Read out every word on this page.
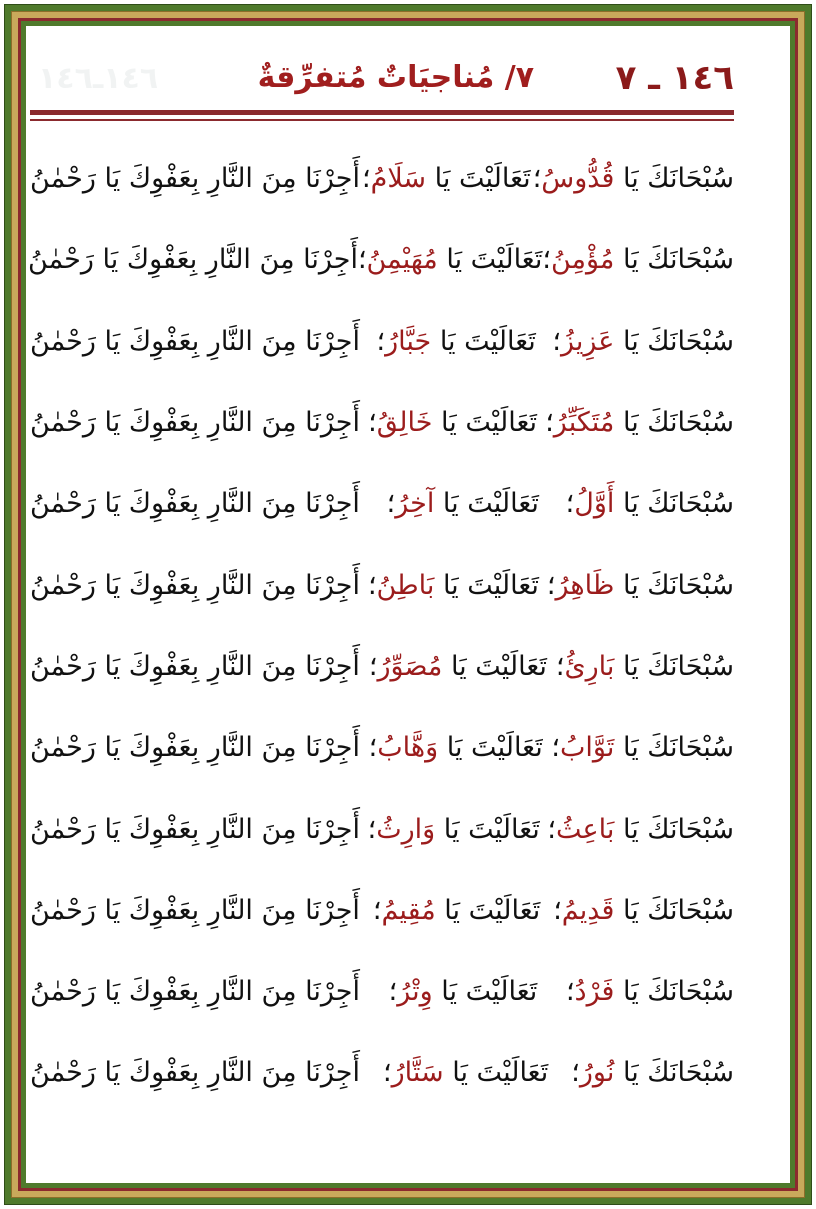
١٤٦ـ١٤٦	١٤٦ ـ ٧
٧/ مُناجيَاتٌ مُتفرِّقةٌ
سُبْحَانَكَ يَا قُدُّوسُ؛
تَعَالَيْتَ يَا سَلَامُ؛
أَجِرْنَا مِنَ النَّارِ بِعَفْوِكَ يَا رَحْمٰنُ
سُبْحَانَكَ يَا مُؤْمِنُ؛
تَعَالَيْتَ يَا مُهَيْمِنُ؛
أَجِرْنَا مِنَ النَّارِ بِعَفْوِكَ يَا رَحْمٰنُ
سُبْحَانَكَ يَا عَزِيزُ؛
تَعَالَيْتَ يَا جَبَّارُ؛
أَجِرْنَا مِنَ النَّارِ بِعَفْوِكَ يَا رَحْمٰنُ
سُبْحَانَكَ يَا مُتَكَبِّرُ؛
تَعَالَيْتَ يَا خَالِقُ؛
أَجِرْنَا مِنَ النَّارِ بِعَفْوِكَ يَا رَحْمٰنُ
سُبْحَانَكَ يَا أَوَّلُ؛
تَعَالَيْتَ يَا آخِرُ؛
أَجِرْنَا مِنَ النَّارِ بِعَفْوِكَ يَا رَحْمٰنُ
سُبْحَانَكَ يَا ظَاهِرُ؛
تَعَالَيْتَ يَا بَاطِنُ؛
أَجِرْنَا مِنَ النَّارِ بِعَفْوِكَ يَا رَحْمٰنُ
سُبْحَانَكَ يَا بَارِئُ؛
تَعَالَيْتَ يَا مُصَوِّرُ؛
أَجِرْنَا مِنَ النَّارِ بِعَفْوِكَ يَا رَحْمٰنُ
سُبْحَانَكَ يَا تَوَّابُ؛
تَعَالَيْتَ يَا وَهَّابُ؛
أَجِرْنَا مِنَ النَّارِ بِعَفْوِكَ يَا رَحْمٰنُ
سُبْحَانَكَ يَا بَاعِثُ؛
تَعَالَيْتَ يَا وَارِثُ؛
أَجِرْنَا مِنَ النَّارِ بِعَفْوِكَ يَا رَحْمٰنُ
سُبْحَانَكَ يَا قَدِيمُ؛
تَعَالَيْتَ يَا مُقِيمُ؛
أَجِرْنَا مِنَ النَّارِ بِعَفْوِكَ يَا رَحْمٰنُ
سُبْحَانَكَ يَا فَرْدُ؛
تَعَالَيْتَ يَا وِتْرُ؛
أَجِرْنَا مِنَ النَّارِ بِعَفْوِكَ يَا رَحْمٰنُ
سُبْحَانَكَ يَا نُورُ؛
تَعَالَيْتَ يَا سَتَّارُ؛
أَجِرْنَا مِنَ النَّارِ بِعَفْوِكَ يَا رَحْمٰنُ
